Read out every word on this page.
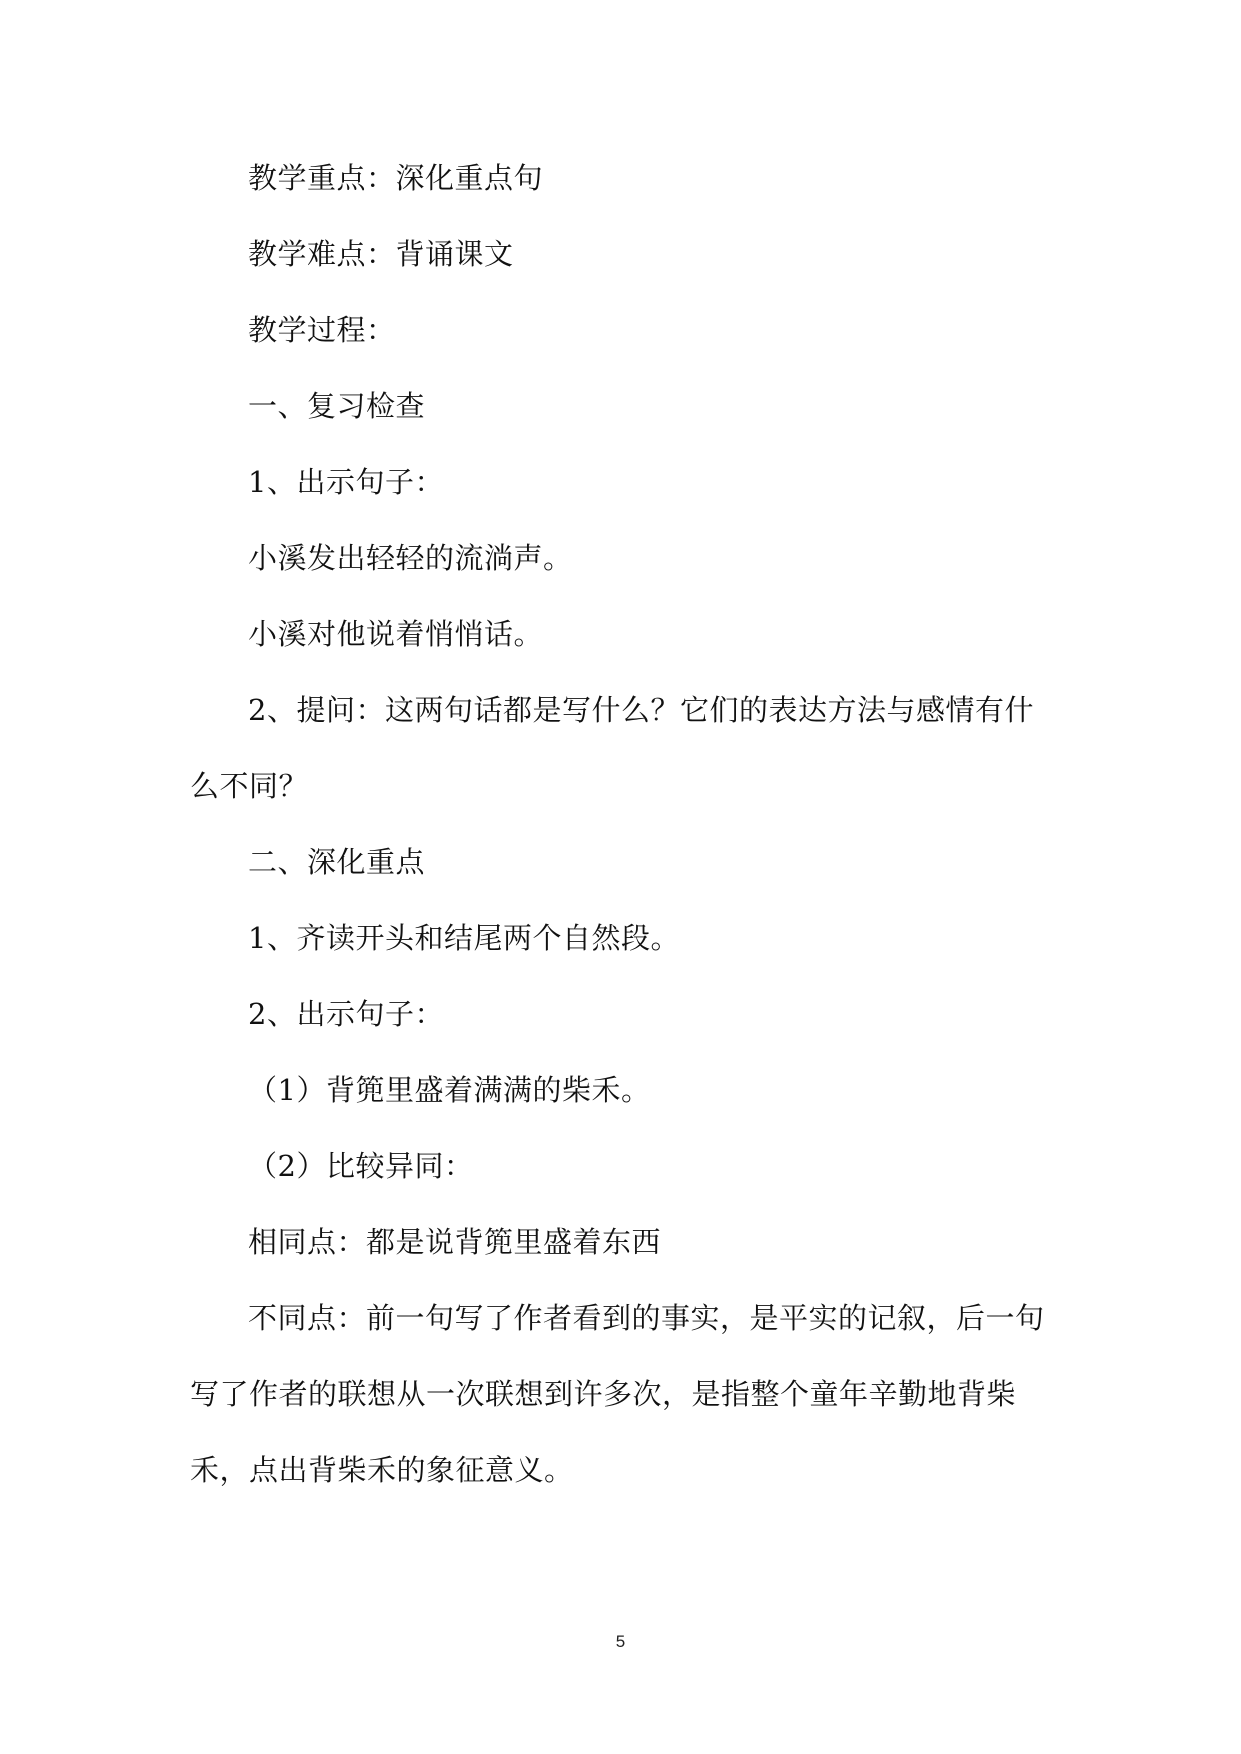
教学重点：深化重点句

教学难点：背诵课文

教学过程：

一、复习检查

1、出示句子：

小溪发出轻轻的流淌声。

小溪对他说着悄悄话。

2、提问：这两句话都是写什么？它们的表达方法与感情有什么不同？

二、深化重点

1、齐读开头和结尾两个自然段。

2、出示句子：

（1）背篼里盛着满满的柴禾。

（2）比较异同：

相同点：都是说背篼里盛着东西

不同点：前一句写了作者看到的事实，是平实的记叙，后一句写了作者的联想从一次联想到许多次，是指整个童年辛勤地背柴禾，点出背柴禾的象征意义。

5
